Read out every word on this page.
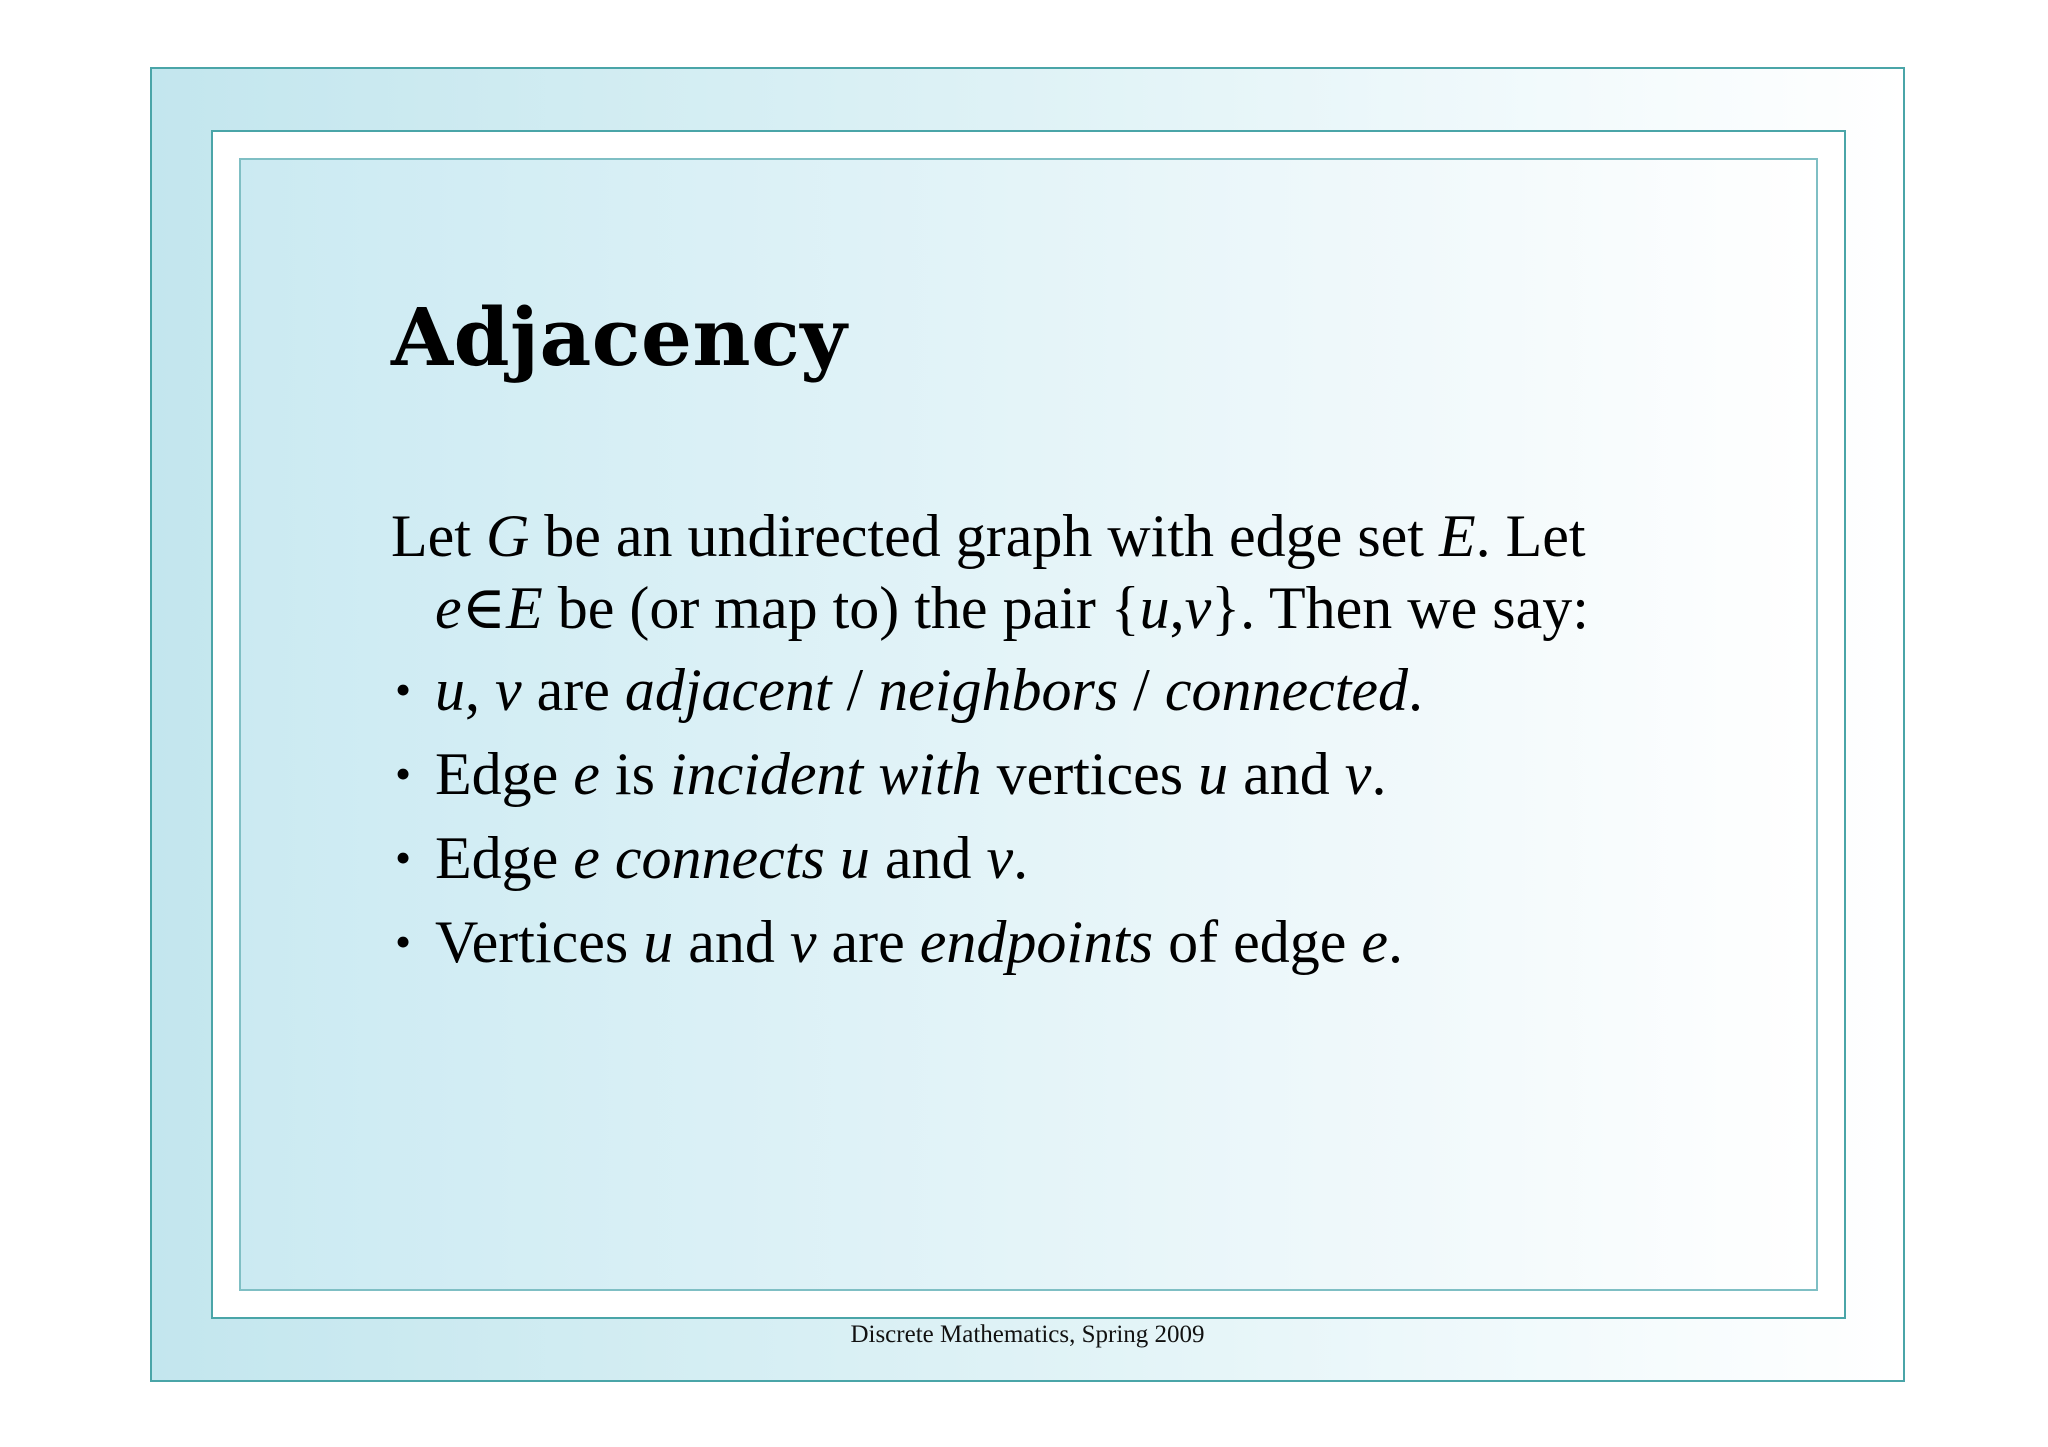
Adjacency
Let G be an undirected graph with edge set E. Let
e∈E be (or map to) the pair {u,v}. Then we say:
• u, v are adjacent / neighbors / connected.
• Edge e is incident with vertices u and v.
• Edge e connects u and v.
• Vertices u and v are endpoints of edge e.
Discrete Mathematics, Spring 2009
